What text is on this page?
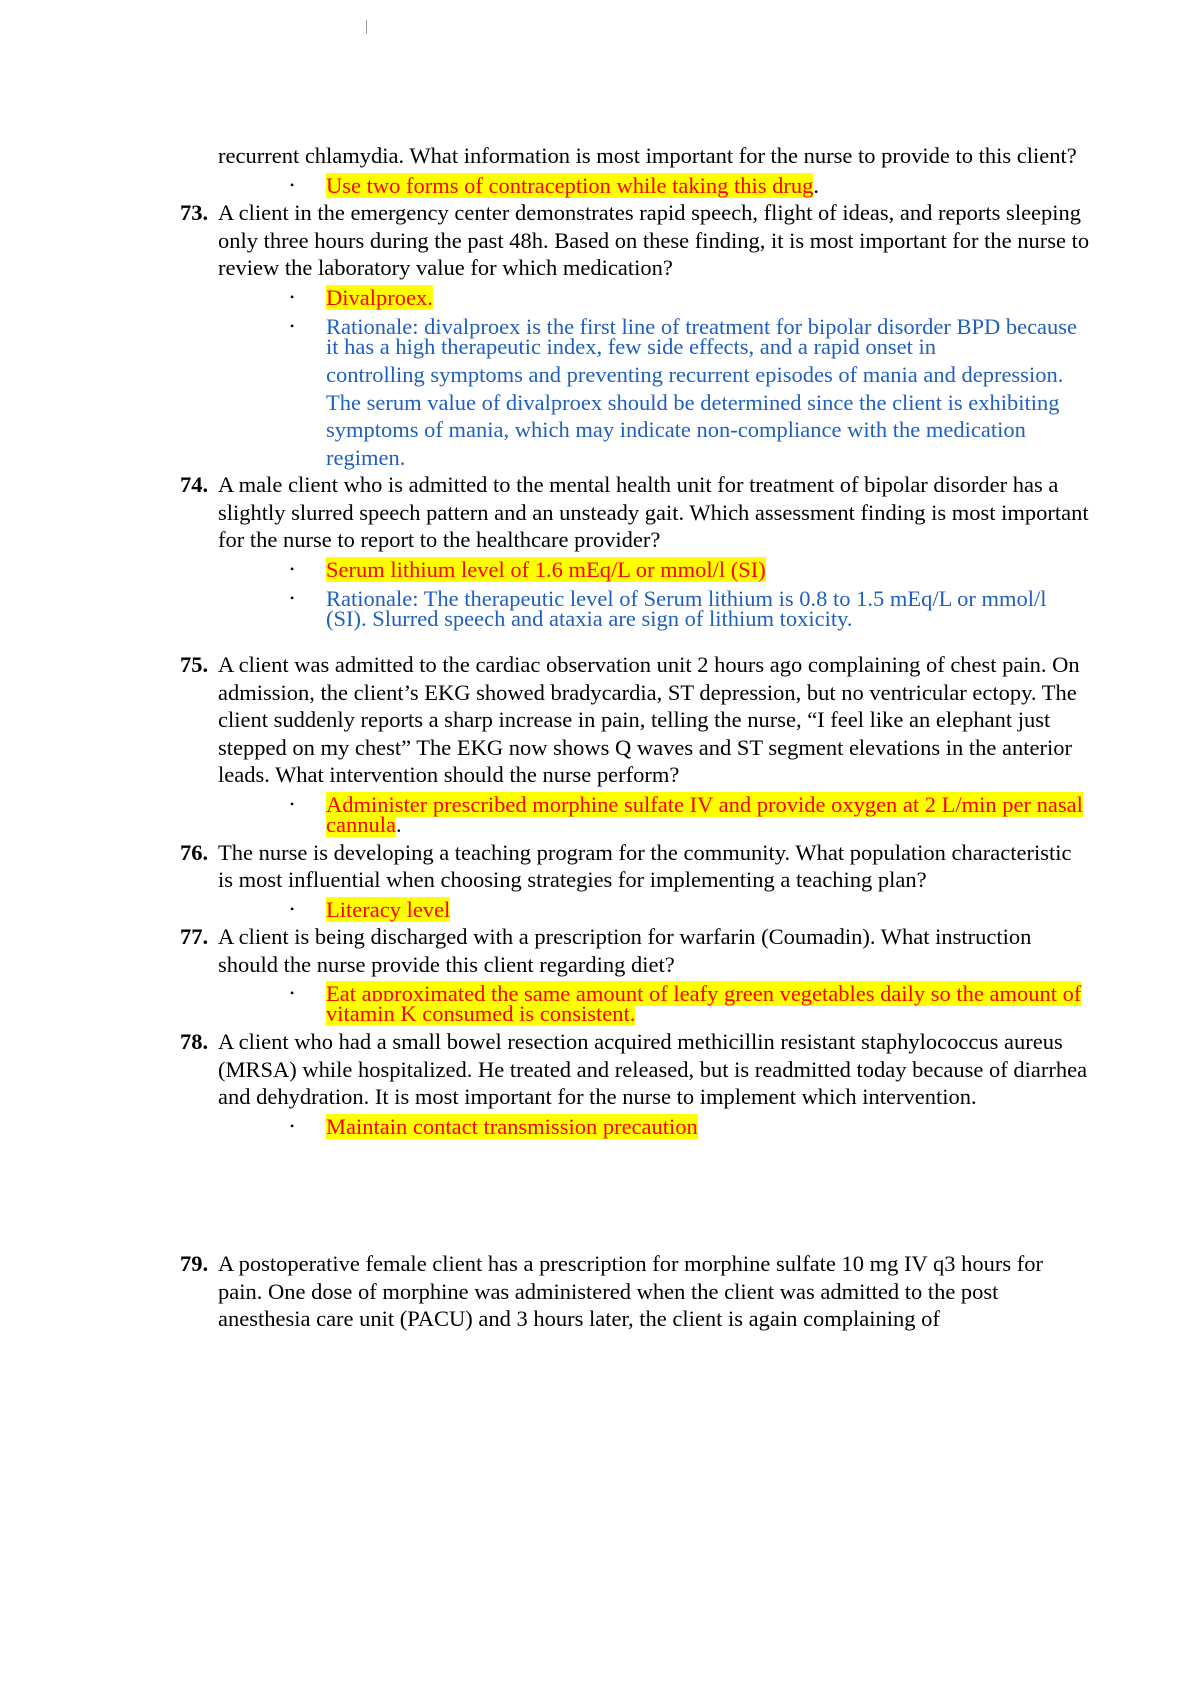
recurrent chlamydia. What information is most important for the nurse to provide to this client?
• Use two forms of contraception while taking this drug.
73. A client in the emergency center demonstrates rapid speech, flight of ideas, and reports sleeping only three hours during the past 48h. Based on these finding, it is most important for the nurse to review the laboratory value for which medication?
• Divalproex.
• Rationale: divalproex is the first line of treatment for bipolar disorder BPD because it has a high therapeutic index, few side effects, and a rapid onset in
controlling symptoms and preventing recurrent episodes of mania and depression. The serum value of divalproex should be determined since the client is exhibiting symptoms of mania, which may indicate non-compliance with the medication regimen.
74. A male client who is admitted to the mental health unit for treatment of bipolar disorder has a slightly slurred speech pattern and an unsteady gait. Which assessment finding is most important for the nurse to report to the healthcare provider?
• Serum lithium level of 1.6 mEq/L or mmol/l (SI)
• Rationale: The therapeutic level of Serum lithium is 0.8 to 1.5 mEq/L or mmol/l (SI). Slurred speech and ataxia are sign of lithium toxicity.
75. A client was admitted to the cardiac observation unit 2 hours ago complaining of chest pain. On admission, the client’s EKG showed bradycardia, ST depression, but no ventricular ectopy. The client suddenly reports a sharp increase in pain, telling the nurse, “I feel like an elephant just stepped on my chest” The EKG now shows Q waves and ST segment elevations in the anterior leads. What intervention should the nurse perform?
• Administer prescribed morphine sulfate IV and provide oxygen at 2 L/min per nasal cannula.
76. The nurse is developing a teaching program for the community. What population characteristic is most influential when choosing strategies for implementing a teaching plan?
• Literacy level
77. A client is being discharged with a prescription for warfarin (Coumadin). What instruction should the nurse provide this client regarding diet?
• Eat approximated the same amount of leafy green vegetables daily so the amount of vitamin K consumed is consistent.
78. A client who had a small bowel resection acquired methicillin resistant staphylococcus aureus (MRSA) while hospitalized. He treated and released, but is readmitted today because of diarrhea and dehydration. It is most important for the nurse to implement which intervention.
• Maintain contact transmission precaution
79. A postoperative female client has a prescription for morphine sulfate 10 mg IV q3 hours for pain. One dose of morphine was administered when the client was admitted to the post anesthesia care unit (PACU) and 3 hours later, the client is again complaining of
